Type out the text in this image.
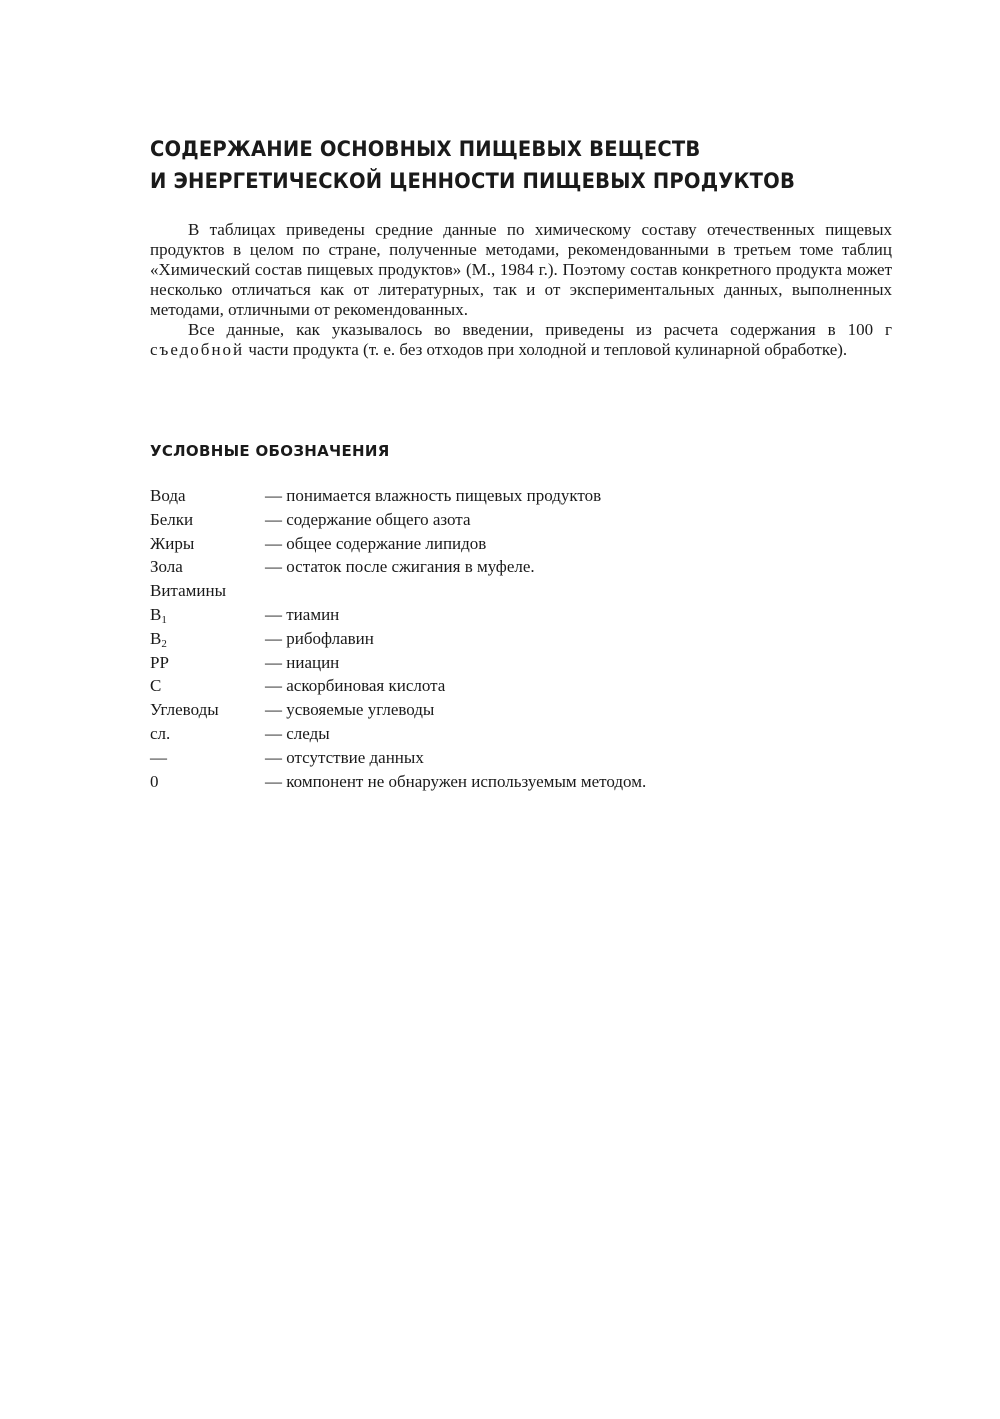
СОДЕРЖАНИЕ ОСНОВНЫХ ПИЩЕВЫХ ВЕЩЕСТВ
И ЭНЕРГЕТИЧЕСКОЙ ЦЕННОСТИ ПИЩЕВЫХ ПРОДУКТОВ

В таблицах приведены средние данные по химическому составу отечественных пищевых продуктов в целом по стране, полученные методами, рекомендованными в третьем томе таблиц «Химический состав пищевых продуктов» (М., 1984 г.). Поэтому состав конкретного продукта может несколько отличаться как от литературных, так и от экспериментальных данных, выполненных методами, отличными от рекомендованных.

Все данные, как указывалось во введении, приведены из расчета содержания в 100 г съедобной части продукта (т. е. без отходов при холодной и тепловой кулинарной обработке).

УСЛОВНЫЕ ОБОЗНАЧЕНИЯ
Вода	— понимается влажность пищевых продуктов
Белки	— содержание общего азота
Жиры	— общее содержание липидов
Зола	— остаток после сжигания в муфеле.
Витамины
$B_1$	— тиамин
$B_2$	— рибофлавин
PP	— ниацин
C	— аскорбиновая кислота
Углеводы	— усвояемые углеводы
сл.	— следы
—	— отсутствие данных
0	— компонент не обнаружен используемым методом.
